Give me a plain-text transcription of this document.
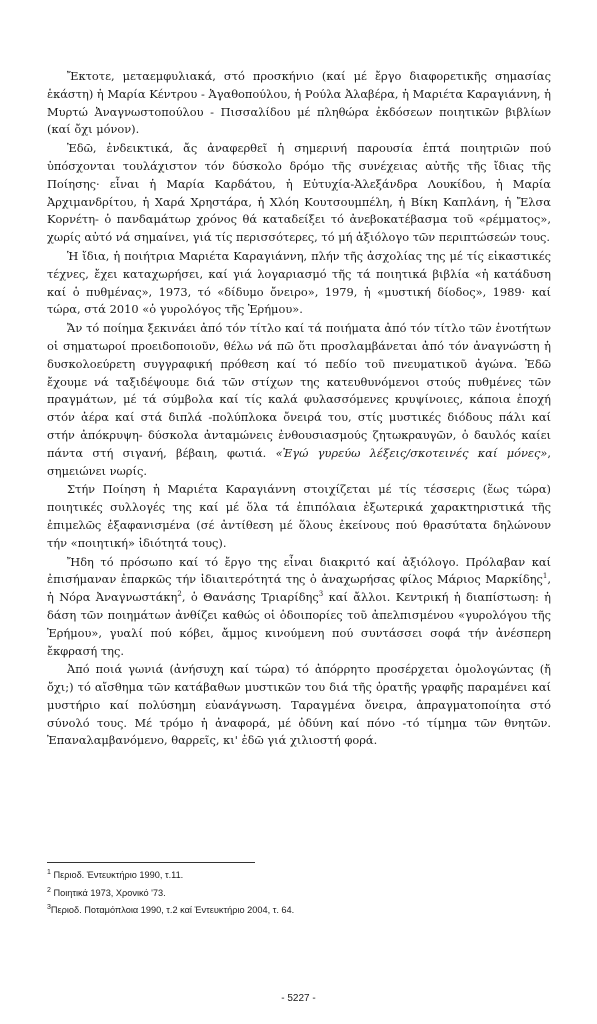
Ἔκτοτε, μεταεμφυλιακά, στό προσκήνιο (καί μέ ἔργο διαφορετικῆς σημασίας ἑκάστη) ἡ Μαρία Κέντρου - Ἀγαθοπούλου, ἡ Ρούλα Ἀλαβέρα, ἡ Μαριέτα Καραγιάννη, ἡ Μυρτώ Ἀναγνωστοπούλου - Πισσαλίδου μέ πληθώρα ἐκδόσεων ποιητικῶν βιβλίων (καί ὄχι μόνον).

Ἐδῶ, ἐνδεικτικά, ἄς ἀναφερθεῖ ἡ σημερινή παρουσία ἑπτά ποιητριῶν πού ὑπόσχονται τουλάχιστον τόν δύσκολο δρόμο τῆς συνέχειας αὐτῆς τῆς ἴδιας τῆς Ποίησης· εἶναι ἡ Μαρία Καρδάτου, ἡ Εὐτυχία-Ἀλεξάνδρα Λουκίδου, ἡ Μαρία Ἀρχιμανδρίτου, ἡ Χαρά Χρηστάρα, ἡ Χλόη Κουτσουμπέλη, ἡ Βίκη Καπλάνη, ἡ Ἔλσα Κορνέτη- ὁ πανδαμάτωρ χρόνος θά καταδείξει τό ἀνεβοκατέβασμα τοῦ «ρέμματος», χωρίς αὐτό νά σημαίνει, γιά τίς περισσότερες, τό μή ἀξιόλογο τῶν περιπτώσεών τους.

Ἡ ἴδια, ἡ ποιήτρια Μαριέτα Καραγιάννη, πλήν τῆς ἀσχολίας της μέ τίς εἰκαστικές τέχνες, ἔχει καταχωρήσει, καί γιά λογαριασμό τῆς τά ποιητικά βιβλία «ἡ κατάδυση καί ὁ πυθμένας», 1973, τό «δίδυμο ὄνειρο», 1979, ἡ «μυστική δίοδος», 1989· καί τώρα, στά 2010 «ὁ γυρολόγος τῆς Ἐρήμου».

Ἄν τό ποίημα ξεκινάει ἀπό τόν τίτλο καί τά ποιήματα ἀπό τόν τίτλο τῶν ἑνοτήτων οἱ σηματωροί προειδοποιοῦν, θέλω νά πῶ ὅτι προσλαμβάνεται ἀπό τόν ἀναγνώστη ἡ δυσκολοεύρετη συγγραφική πρόθεση καί τό πεδίο τοῦ πνευματικοῦ ἀγώνα. Ἐδῶ ἔχουμε νά ταξιδέψουμε διά τῶν στίχων της κατευθυνόμενοι στούς πυθμένες τῶν πραγμάτων, μέ τά σύμβολα καί τίς καλά φυλασσόμενες κρυψίνοιες, κάποια ἐποχή στόν ἀέρα καί στά διπλά -πολύπλοκα ὄνειρά του, στίς μυστικές διόδους πάλι καί στήν ἀπόκρυψη- δύσκολα ἀνταμώνεις ἐνθουσιασμούς ζητωκραυγῶν, ὁ δαυλός καίει πάντα στή σιγανή, βέβαιη, φωτιά. «Ἐγώ γυρεύω λέξεις/σκοτεινές καί μόνες», σημειώνει νωρίς.

Στήν Ποίηση ἡ Μαριέτα Καραγιάννη στοιχίζεται μέ τίς τέσσερις (ἕως τώρα) ποιητικές συλλογές της καί μέ ὅλα τά ἐπιπόλαια ἐξωτερικά χαρακτηριστικά τῆς ἐπιμελῶς ἐξαφανισμένα (σέ ἀντίθεση μέ ὅλους ἐκείνους πού θρασύτατα δηλώνουν τήν «ποιητική» ἰδιότητά τους).

Ἤδη τό πρόσωπο καί τό ἔργο της εἶναι διακριτό καί ἀξιόλογο. Πρόλαβαν καί ἐπισήμαναν ἐπαρκῶς τήν ἰδιαιτερότητά της ὁ ἀναχωρήσας φίλος Μάριος Μαρκίδης$^1$, ἡ Νόρα Ἀναγνωστάκη$^2$, ὁ Θανάσης Τριαρίδης$^3$ καί ἄλλοι. Κεντρική ἡ διαπίστωση: ἡ δάση τῶν ποιημάτων ἀνθίζει καθώς οἱ ὁδοιπορίες τοῦ ἀπελπισμένου «γυρολόγου τῆς Ἐρήμου», γυαλί πού κόβει, ἄμμος κινούμενη πού συντάσσει σοφά τήν ἀνέσπερη ἔκφρασή της.

Ἀπό ποιά γωνιά (ἀνήσυχη καί τώρα) τό ἀπόρρητο προσέρχεται ὁμολογώντας (ἤ ὄχι;) τό αἴσθημα τῶν κατάβαθων μυστικῶν του διά τῆς ὁρατῆς γραφῆς παραμένει καί μυστήριο καί πολύσημη εὐανάγνωση. Ταραγμένα ὄνειρα, ἀπραγματοποίητα στό σύνολό τους. Μέ τρόμο ἡ ἀναφορά, μέ ὀδύνη καί πόνο -τό τίμημα τῶν θνητῶν. Ἐπαναλαμβανόμενο, θαρρεῖς, κι' ἐδῶ γιά χιλιοστή φορά.

$^1$ Περιοδ. Ἐντευκτήριο 1990, τ.11.
$^2$ Ποιητικά 1973, Χρονικό '73.
$^3$Περιοδ. Ποταμόπλοια 1990, τ.2 καί Ἐντευκτήριο 2004, τ. 64.
- 5227 -
